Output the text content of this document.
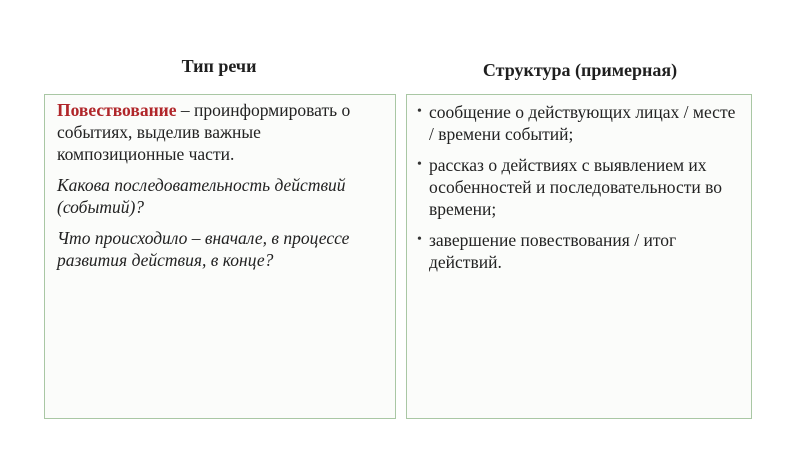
Тип речи	Структура (примерная)

Повествование – проинформировать о событиях, выделив важные композиционные части.

Какова последовательность действий (событий)?

Что происходило – вначале, в процессе развития действия, в конце?

• сообщение о действующих лицах / месте / времени событий;
• рассказ о действиях с выявлением их особенностей и последовательности во времени;
• завершение повествования / итог действий.
